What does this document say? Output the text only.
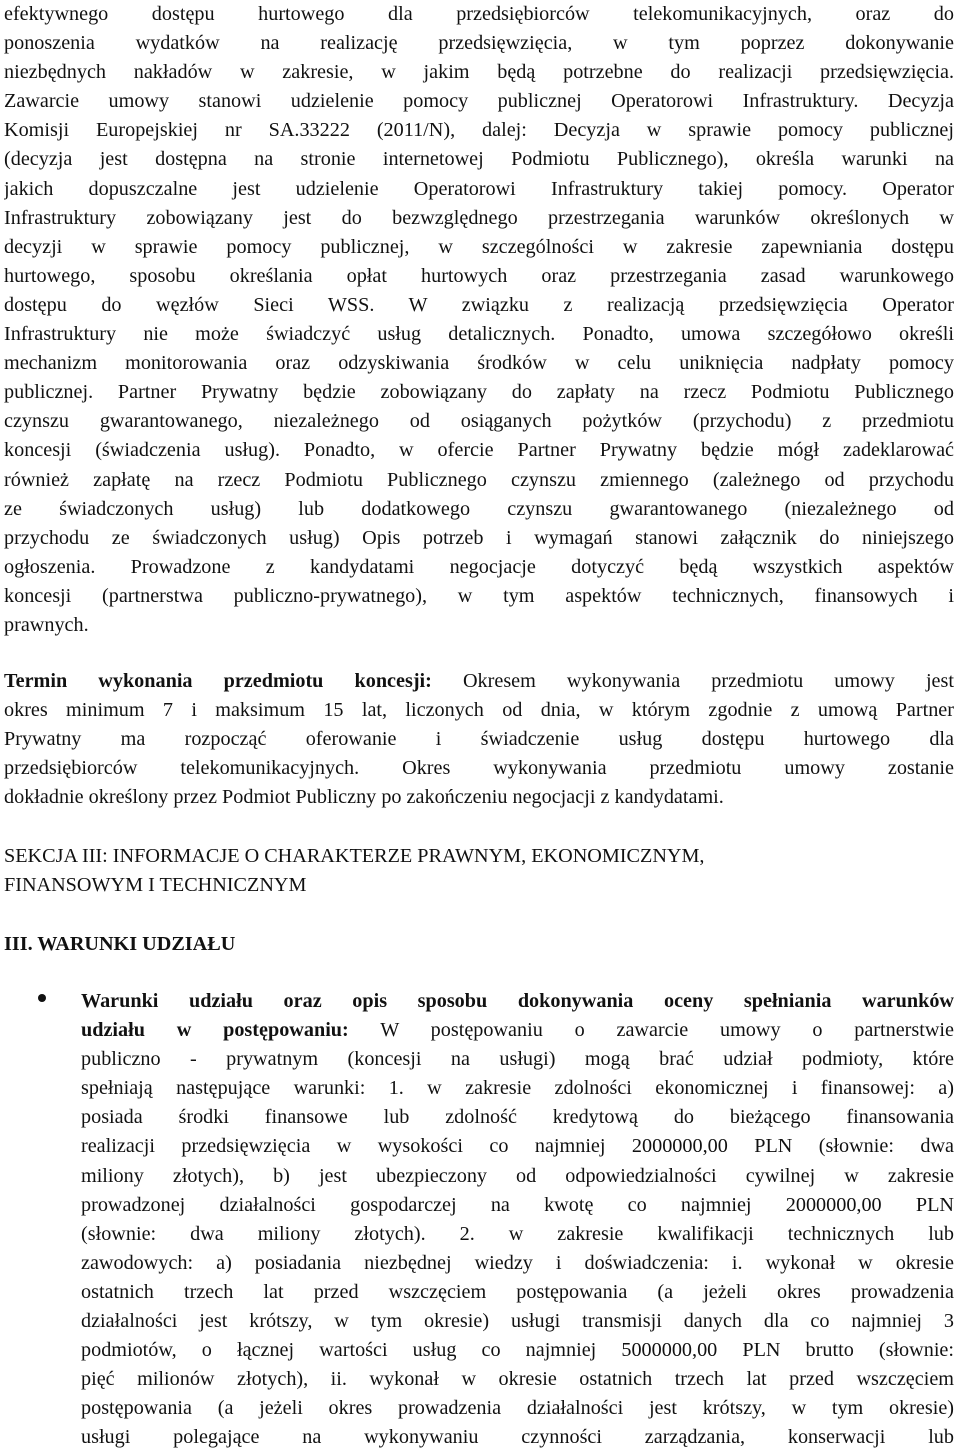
efektywnego dostępu hurtowego dla przedsiębiorców telekomunikacyjnych, oraz do
ponoszenia wydatków na realizację przedsięwzięcia, w tym poprzez dokonywanie
niezbędnych nakładów w zakresie, w jakim będą potrzebne do realizacji przedsięwzięcia.
Zawarcie umowy stanowi udzielenie pomocy publicznej Operatorowi Infrastruktury. Decyzja
Komisji Europejskiej nr SA.33222 (2011/N), dalej: Decyzja w sprawie pomocy publicznej
(decyzja jest dostępna na stronie internetowej Podmiotu Publicznego), określa warunki na
jakich dopuszczalne jest udzielenie Operatorowi Infrastruktury takiej pomocy. Operator
Infrastruktury zobowiązany jest do bezwzględnego przestrzegania warunków określonych w
decyzji w sprawie pomocy publicznej, w szczególności w zakresie zapewniania dostępu
hurtowego, sposobu określania opłat hurtowych oraz przestrzegania zasad warunkowego
dostępu do węzłów Sieci WSS. W związku z realizacją przedsięwzięcia Operator
Infrastruktury nie może świadczyć usług detalicznych. Ponadto, umowa szczegółowo określi
mechanizm monitorowania oraz odzyskiwania środków w celu uniknięcia nadpłaty pomocy
publicznej. Partner Prywatny będzie zobowiązany do zapłaty na rzecz Podmiotu Publicznego
czynszu gwarantowanego, niezależnego od osiąganych pożytków (przychodu) z przedmiotu
koncesji (świadczenia usług). Ponadto, w ofercie Partner Prywatny będzie mógł zadeklarować
również zapłatę na rzecz Podmiotu Publicznego czynszu zmiennego (zależnego od przychodu
ze świadczonych usług) lub dodatkowego czynszu gwarantowanego (niezależnego od
przychodu ze świadczonych usług) Opis potrzeb i wymagań stanowi załącznik do niniejszego
ogłoszenia. Prowadzone z kandydatami negocjacje dotyczyć będą wszystkich aspektów
koncesji (partnerstwa publiczno-prywatnego), w tym aspektów technicznych, finansowych i
prawnych.
Termin wykonania przedmiotu koncesji: Okresem wykonywania przedmiotu umowy jest
okres minimum 7 i maksimum 15 lat, liczonych od dnia, w którym zgodnie z umową Partner
Prywatny ma rozpocząć oferowanie i świadczenie usług dostępu hurtowego dla
przedsiębiorców telekomunikacyjnych. Okres wykonywania przedmiotu umowy zostanie
dokładnie określony przez Podmiot Publiczny po zakończeniu negocjacji z kandydatami.
SEKCJA III: INFORMACJE O CHARAKTERZE PRAWNYM, EKONOMICZNYM,
FINANSOWYM I TECHNICZNYM
III. WARUNKI UDZIAŁU
Warunki udziału oraz opis sposobu dokonywania oceny spełniania warunków
udziału w postępowaniu: W postępowaniu o zawarcie umowy o partnerstwie
publiczno - prywatnym (koncesji na usługi) mogą brać udział podmioty, które
spełniają następujące warunki: 1. w zakresie zdolności ekonomicznej i finansowej: a)
posiada środki finansowe lub zdolność kredytową do bieżącego finansowania
realizacji przedsięwzięcia w wysokości co najmniej 2000000,00 PLN (słownie: dwa
miliony złotych), b) jest ubezpieczony od odpowiedzialności cywilnej w zakresie
prowadzonej działalności gospodarczej na kwotę co najmniej 2000000,00 PLN
(słownie: dwa miliony złotych). 2. w zakresie kwalifikacji technicznych lub
zawodowych: a) posiadania niezbędnej wiedzy i doświadczenia: i. wykonał w okresie
ostatnich trzech lat przed wszczęciem postępowania (a jeżeli okres prowadzenia
działalności jest krótszy, w tym okresie) usługi transmisji danych dla co najmniej 3
podmiotów, o łącznej wartości usług co najmniej 5000000,00 PLN brutto (słownie:
pięć milionów złotych), ii. wykonał w okresie ostatnich trzech lat przed wszczęciem
postępowania (a jeżeli okres prowadzenia działalności jest krótszy, w tym okresie)
usługi polegające na wykonywaniu czynności zarządzania, konserwacji lub
